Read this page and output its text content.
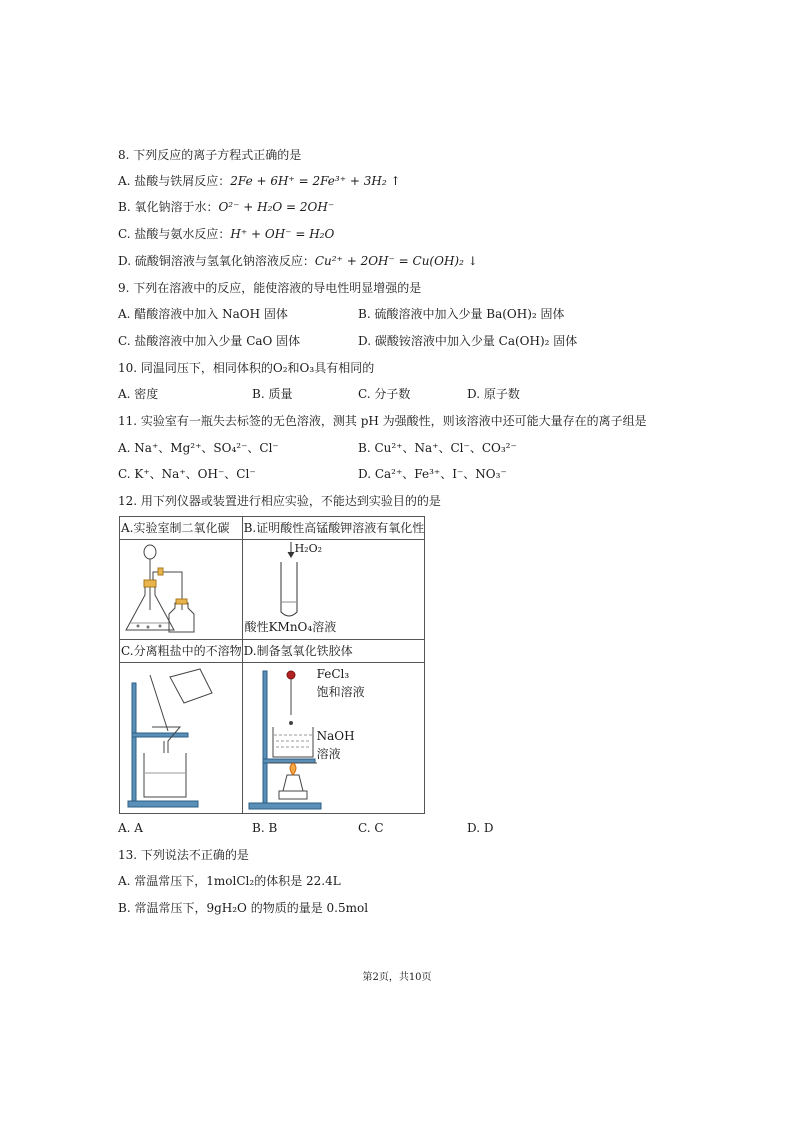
8. 下列反应的离子方程式正确的是
A. 盐酸与铁屑反应：2Fe + 6H⁺ = 2Fe³⁺ + 3H₂ ↑
B. 氧化钠溶于水：O²⁻ + H₂O = 2OH⁻
C. 盐酸与氨水反应：H⁺ + OH⁻ = H₂O
D. 硫酸铜溶液与氢氧化钠溶液反应：Cu²⁺ + 2OH⁻ = Cu(OH)₂ ↓
9. 下列在溶液中的反应，能使溶液的导电性明显增强的是
A. 醋酸溶液中加入 NaOH 固体	B. 硫酸溶液中加入少量 Ba(OH)₂ 固体
C. 盐酸溶液中加入少量 CaO 固体	D. 碳酸铵溶液中加入少量 Ca(OH)₂ 固体
10. 同温同压下，相同体积的O₂和O₃具有相同的
A. 密度	B. 质量	C. 分子数	D. 原子数
11. 实验室有一瓶失去标签的无色溶液，测其 pH 为强酸性，则该溶液中还可能大量存在的离子组是
A. Na⁺、Mg²⁺、SO₄²⁻、Cl⁻	B. Cu²⁺、Na⁺、Cl⁻、CO₃²⁻
C. K⁺、Na⁺、OH⁻、Cl⁻	D. Ca²⁺、Fe³⁺、I⁻、NO₃⁻
12. 用下列仪器或装置进行相应实验，不能达到实验目的的是
A.实验室制二氧化碳	B.证明酸性高锰酸钾溶液有氧化性

H₂O₂
酸性KMnO₄溶液

C.分离粗盐中的不溶物	D.制备氢氧化铁胶体

FeCl₃
饱和溶液
NaOH
溶液
A. A	B. B	C. C	D. D
13. 下列说法不正确的是
A. 常温常压下，1molCl₂的体积是 22.4L
B. 常温常压下，9gH₂O 的物质的量是 0.5mol
第2页，共10页
